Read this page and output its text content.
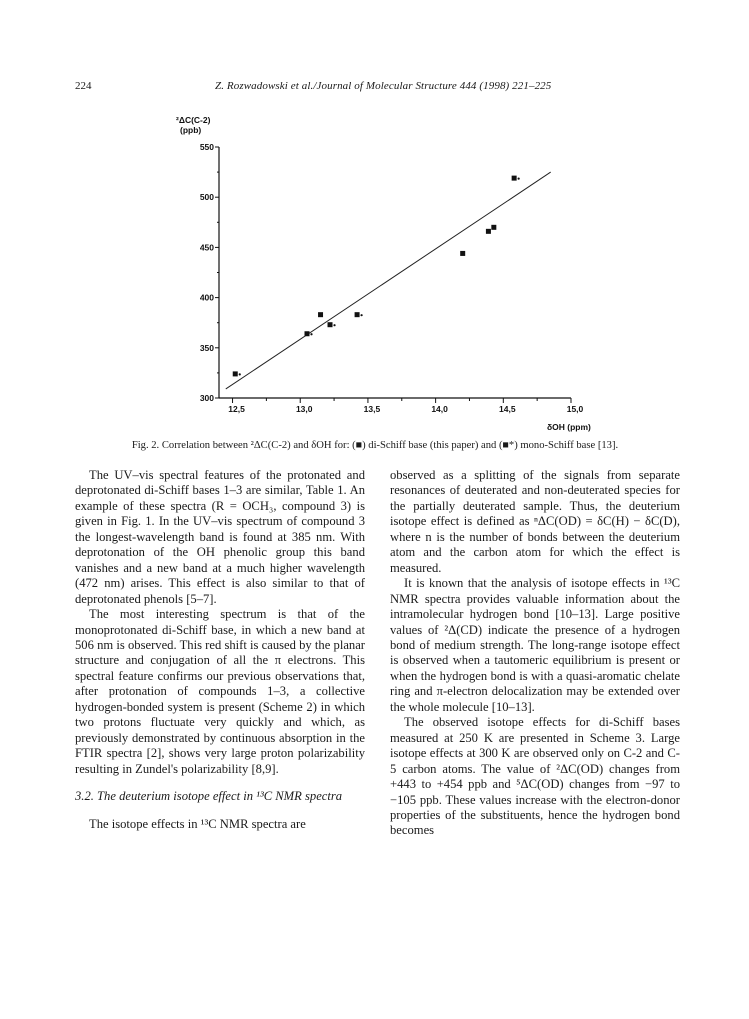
224	Z. Rozwadowski et al./Journal of Molecular Structure 444 (1998) 221–225
²ΔC(C-2)
(ppb)
550
500
450
400
350
300
12,5	13,0	13,5	14,0	14,5	15,0
δOH (ppm)
Fig. 2. Correlation between ²ΔC(C-2) and δOH for: (■) di-Schiff base (this paper) and (■*) mono-Schiff base [13].

The UV–vis spectral features of the protonated and deprotonated di-Schiff bases 1–3 are similar, Table 1. An example of these spectra (R = OCH₃, compound 3) is given in Fig. 1. In the UV–vis spectrum of compound 3 the longest-wavelength band is found at 385 nm. With deprotonation of the OH phenolic group this band vanishes and a new band at a much higher wavelength (472 nm) arises. This effect is also similar to that of deprotonated phenols [5–7].

The most interesting spectrum is that of the monoprotonated di-Schiff base, in which a new band at 506 nm is observed. This red shift is caused by the planar structure and conjugation of all the π electrons. This spectral feature confirms our previous observations that, after protonation of compounds 1–3, a collective hydrogen-bonded system is present (Scheme 2) in which two protons fluctuate very quickly and which, as previously demonstrated by continuous absorption in the FTIR spectra [2], shows very large proton polarizability resulting in Zundel's polarizability [8,9].

3.2. The deuterium isotope effect in ¹³C NMR spectra

The isotope effects in ¹³C NMR spectra are

observed as a splitting of the signals from separate resonances of deuterated and non-deuterated species for the partially deuterated sample. Thus, the deuterium isotope effect is defined as ⁿΔC(OD) = δC(H) − δC(D), where n is the number of bonds between the deuterium atom and the carbon atom for which the effect is measured.

It is known that the analysis of isotope effects in ¹³C NMR spectra provides valuable information about the intramolecular hydrogen bond [10–13]. Large positive values of ²Δ(CD) indicate the presence of a hydrogen bond of medium strength. The long-range isotope effect is observed when a tautomeric equilibrium is present or when the hydrogen bond is with a quasi-aromatic chelate ring and π-electron delocalization may be extended over the whole molecule [10–13].

The observed isotope effects for di-Schiff bases measured at 250 K are presented in Scheme 3. Large isotope effects at 300 K are observed only on C-2 and C-5 carbon atoms. The value of ²ΔC(OD) changes from +443 to +454 ppb and ⁵ΔC(OD) changes from −97 to −105 ppb. These values increase with the electron-donor properties of the substituents, hence the hydrogen bond becomes
